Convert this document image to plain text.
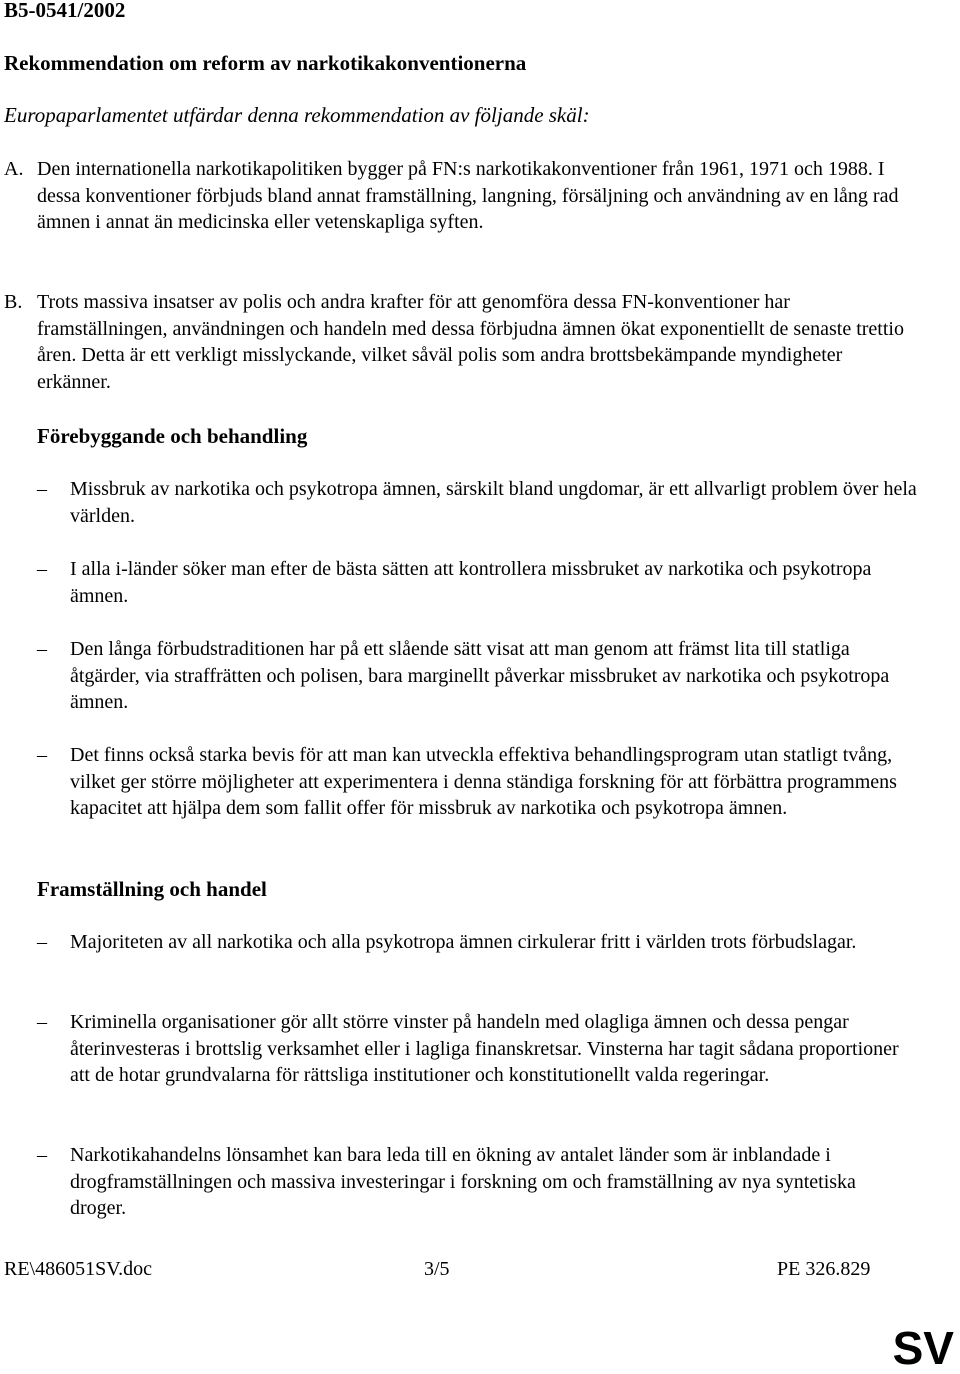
B5-0541/2002
Rekommendation om reform av narkotikakonventionerna
Europaparlamentet utfärdar denna rekommendation av följande skäl:
A. Den internationella narkotikapolitiken bygger på FN:s narkotikakonventioner från 1961, 1971 och 1988. I dessa konventioner förbjuds bland annat framställning, langning, försäljning och användning av en lång rad ämnen i annat än medicinska eller vetenskapliga syften.
B. Trots massiva insatser av polis och andra krafter för att genomföra dessa FN-konventioner har framställningen, användningen och handeln med dessa förbjudna ämnen ökat exponentiellt de senaste trettio åren. Detta är ett verkligt misslyckande, vilket såväl polis som andra brottsbekämpande myndigheter erkänner.
Förebyggande och behandling
– Missbruk av narkotika och psykotropa ämnen, särskilt bland ungdomar, är ett allvarligt problem över hela världen.
– I alla i-länder söker man efter de bästa sätten att kontrollera missbruket av narkotika och psykotropa ämnen.
– Den långa förbudstraditionen har på ett slående sätt visat att man genom att främst lita till statliga åtgärder, via straffrätten och polisen, bara marginellt påverkar missbruket av narkotika och psykotropa ämnen.
– Det finns också starka bevis för att man kan utveckla effektiva behandlingsprogram utan statligt tvång, vilket ger större möjligheter att experimentera i denna ständiga forskning för att förbättra programmens kapacitet att hjälpa dem som fallit offer för missbruk av narkotika och psykotropa ämnen.
Framställning och handel
– Majoriteten av all narkotika och alla psykotropa ämnen cirkulerar fritt i världen trots förbudslagar.
– Kriminella organisationer gör allt större vinster på handeln med olagliga ämnen och dessa pengar återinvesteras i brottslig verksamhet eller i lagliga finanskretsar. Vinsterna har tagit sådana proportioner att de hotar grundvalarna för rättsliga institutioner och konstitutionellt valda regeringar.
– Narkotikahandelns lönsamhet kan bara leda till en ökning av antalet länder som är inblandade i drogframställningen och massiva investeringar i forskning om och framställning av nya syntetiska droger.
RE\486051SV.doc	3/5	PE 326.829
SV
